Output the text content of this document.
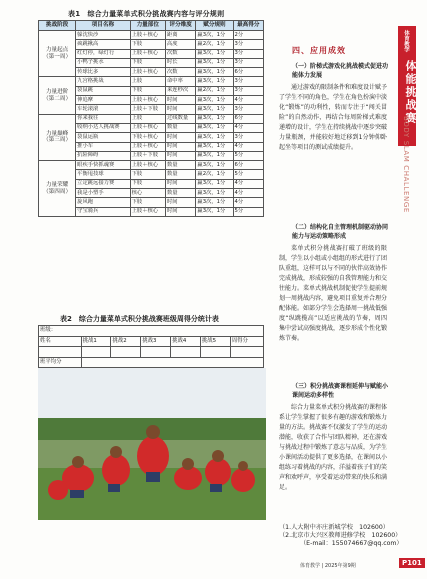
表1　综合力量菜单式积分挑战赛内容与评分规则
挑战阶段	项目名称	力量部位	评分维度	赋分规则	最高得分
力量起点
（第一周）	躲沈快沙	上肢＋核心	距离	赢3次，1分	2分
	疯跳揪高	下肢	高度	赢2次，1分	3分
	红灯停，绿灯行	上肢＋核心	次数	赢3次，1分	3分
	小鸭子挑水	下肢	时长	赢3次，1分	3分
	传球比多	上肢＋核心	次数	赢3次，1分	6分
力量进阶
（第二周）	九宫格挑战	上肢	命中率	赢3次，1分	3分
	袋鼠跳	下肢	来连秒次	赢2次，1分	3分
	伸追摩	上肢＋核心	时间	赢3次，1分	4分
	车轮滚滚	上肢＋下肢	时间	赢3次，1分	3分
力量巅峰
（第三周）	你来我往	上肢	过线数量	赢3次，1分	6分
	收纳小达人挑战赛	上肢＋核心	数量	赢3次，1分	4分
	袋鼠运瓶	下肢＋核心	时间	赢3次，1分	3分
	推小车	上肢＋核心	时间	赢3次，1分	4分
	抗险障碍	上肢＋下肢	时间	赢3次，1分	5分
力量荣耀
（第四周）	眼疾手快抓魂赛	上肢＋核心	数量	赢3次，1分	6分
	平衡甩技球	下肢	数量	赢2次，1分	5分
	立定跳远接力赛	下肢	时间	赢3次，1分	4分
	我是小塑手	核心	数量	赢3次，1分	4分
	旋风跑	下肢	时间	赢3次，1分	4分
	守宝骑兵	上肢＋核心	时间	赢3次，1分	5分
表2　综合力量菜单式积分挑战赛班级周得分统计表
班级：						
姓名	挑战1	挑战2	挑战3	挑战4	挑战5	周得分

班平均分						
四、应用成效
（一）阶梯式游戏化挑战模式促进功能体力发展
通过游戏的限制条件和难度设计赋予了学生不同的角色，学生在角色扮演中淡化“锻炼”的功利性，转而专注于“闯关冒险”的自然动作，再结合每周阶梯式难度递增的设计，学生在持续挑战中逐步突破力量瓶颈，并能较好地迁移到1分钟仰卧起坐等项目的测试成绩提升。
（二）结构化自主管理机制驱动协同能力与运动策略形成
菜单式积分挑战赛打破了班级的限制，学生以小组或小组组的形式进行了团队重组，这样可以与不同的伙伴高效协作完成挑战，形成较强的自我管理能力和交往能力。菜单式挑战机制促使学生提前规划一周挑战内容，避免项目重复并合理分配体能。如部分学生会选择周一挑战低强度“纵跳揽高”以适应挑战的节奏，周四集中尝试高强度挑战，逐步形成个性化锻炼节奏。
（三）积分挑战赛课程延伸与赋能小课间运动多样性
综合力量菜单式积分挑战赛的课程体系让学生掌握了很多有趣的游戏和锻炼力量的方法。挑战赛不仅激发了学生的运动潜能，收获了合作与团队精神，还在游戏与挑战过程中锻炼了意志与品质，为学生小课间活动提供了更多选择，在课间以小组练习着挑战的内容，洋溢着孩子们的笑声和欢呼声，享受着运动带来的快乐和满足。
（1.人大附中亦庄新城学校　102600）
（2.北京市大兴区教师进修学校　102600）
（E-mail：155074667@qq.com）
体育教学
体能挑战赛
BODY SLAM CHALLENGE
体育教学 | 2025年第9期	P101
